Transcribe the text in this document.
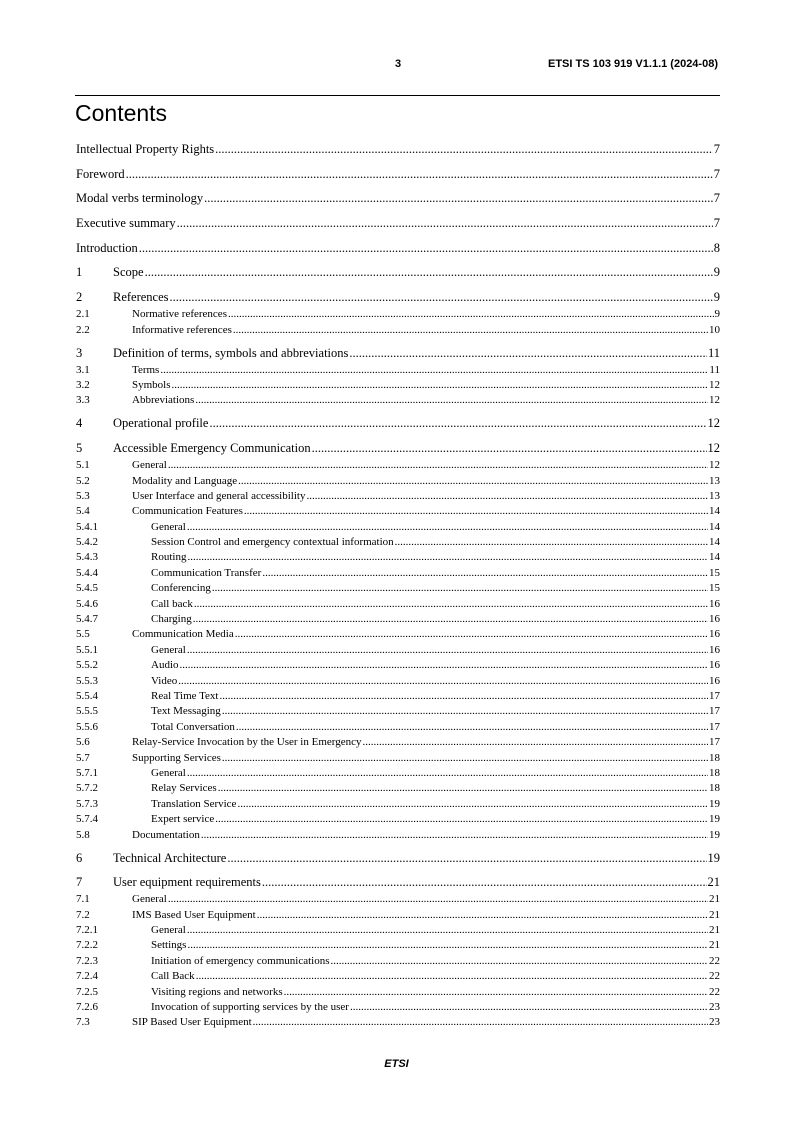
3	ETSI TS 103 919 V1.1.1 (2024-08)
Contents
Intellectual Property Rights .....	7
Foreword .....	7
Modal verbs terminology .....	7
Executive summary .....	7
Introduction .....	8
1	Scope .....	9
2	References .....	9
2.1	Normative references .....	9
2.2	Informative references .....	10
3	Definition of terms, symbols and abbreviations .....	11
3.1	Terms .....	11
3.2	Symbols .....	12
3.3	Abbreviations .....	12
4	Operational profile .....	12
5	Accessible Emergency Communication .....	12
5.1	General .....	12
5.2	Modality and Language .....	13
5.3	User Interface and general accessibility .....	13
5.4	Communication Features .....	14
5.4.1	General .....	14
5.4.2	Session Control and emergency contextual information .....	14
5.4.3	Routing .....	14
5.4.4	Communication Transfer .....	15
5.4.5	Conferencing .....	15
5.4.6	Call back .....	16
5.4.7	Charging .....	16
5.5	Communication Media .....	16
5.5.1	General .....	16
5.5.2	Audio .....	16
5.5.3	Video .....	16
5.5.4	Real Time Text .....	17
5.5.5	Text Messaging .....	17
5.5.6	Total Conversation .....	17
5.6	Relay-Service Invocation by the User in Emergency .....	17
5.7	Supporting Services .....	18
5.7.1	General .....	18
5.7.2	Relay Services .....	18
5.7.3	Translation Service .....	19
5.7.4	Expert service .....	19
5.8	Documentation .....	19
6	Technical Architecture .....	19
7	User equipment requirements .....	21
7.1	General .....	21
7.2	IMS Based User Equipment .....	21
7.2.1	General .....	21
7.2.2	Settings .....	21
7.2.3	Initiation of emergency communications .....	22
7.2.4	Call Back .....	22
7.2.5	Visiting regions and networks .....	22
7.2.6	Invocation of supporting services by the user .....	23
7.3	SIP Based User Equipment .....	23
ETSI
